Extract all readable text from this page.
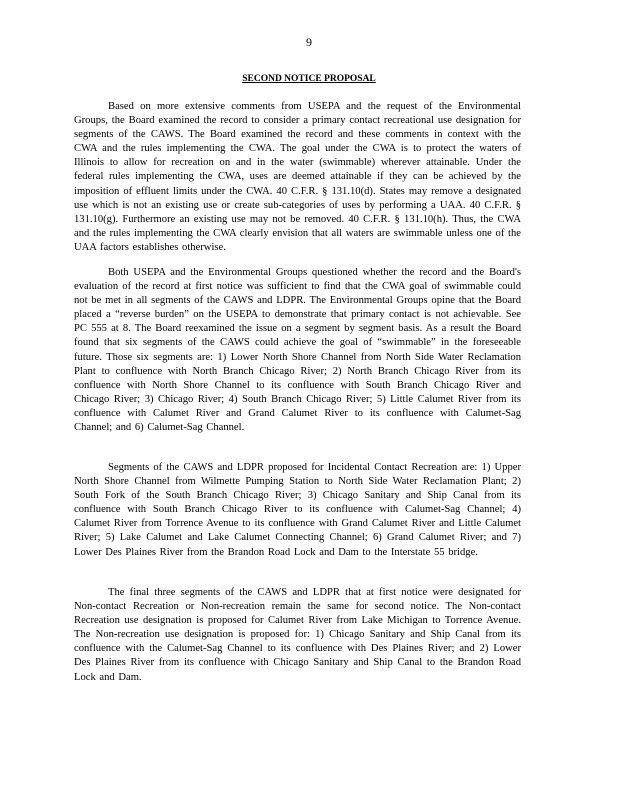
9
SECOND NOTICE PROPOSAL

Based on more extensive comments from USEPA and the request of the Environmental Groups, the Board examined the record to consider a primary contact recreational use designation for segments of the CAWS. The Board examined the record and these comments in context with the CWA and the rules implementing the CWA. The goal under the CWA is to protect the waters of Illinois to allow for recreation on and in the water (swimmable) wherever attainable. Under the federal rules implementing the CWA, uses are deemed attainable if they can be achieved by the imposition of effluent limits under the CWA. 40 C.F.R. § 131.10(d). States may remove a designated use which is not an existing use or create sub-categories of uses by performing a UAA. 40 C.F.R. § 131.10(g). Furthermore an existing use may not be removed. 40 C.F.R. § 131.10(h). Thus, the CWA and the rules implementing the CWA clearly envision that all waters are swimmable unless one of the UAA factors establishes otherwise.

Both USEPA and the Environmental Groups questioned whether the record and the Board's evaluation of the record at first notice was sufficient to find that the CWA goal of swimmable could not be met in all segments of the CAWS and LDPR. The Environmental Groups opine that the Board placed a “reverse burden” on the USEPA to demonstrate that primary contact is not achievable. See PC 555 at 8. The Board reexamined the issue on a segment by segment basis. As a result the Board found that six segments of the CAWS could achieve the goal of “swimmable” in the foreseeable future. Those six segments are: 1) Lower North Shore Channel from North Side Water Reclamation Plant to confluence with North Branch Chicago River; 2) North Branch Chicago River from its confluence with North Shore Channel to its confluence with South Branch Chicago River and Chicago River; 3) Chicago River; 4) South Branch Chicago River; 5) Little Calumet River from its confluence with Calumet River and Grand Calumet River to its confluence with Calumet-Sag Channel; and 6) Calumet-Sag Channel.

Segments of the CAWS and LDPR proposed for Incidental Contact Recreation are: 1) Upper North Shore Channel from Wilmette Pumping Station to North Side Water Reclamation Plant; 2) South Fork of the South Branch Chicago River; 3) Chicago Sanitary and Ship Canal from its confluence with South Branch Chicago River to its confluence with Calumet-Sag Channel; 4) Calumet River from Torrence Avenue to its confluence with Grand Calumet River and Little Calumet River; 5) Lake Calumet and Lake Calumet Connecting Channel; 6) Grand Calumet River; and 7) Lower Des Plaines River from the Brandon Road Lock and Dam to the Interstate 55 bridge.

The final three segments of the CAWS and LDPR that at first notice were designated for Non-contact Recreation or Non-recreation remain the same for second notice. The Non-contact Recreation use designation is proposed for Calumet River from Lake Michigan to Torrence Avenue. The Non-recreation use designation is proposed for: 1) Chicago Sanitary and Ship Canal from its confluence with the Calumet-Sag Channel to its confluence with Des Plaines River; and 2) Lower Des Plaines River from its confluence with Chicago Sanitary and Ship Canal to the Brandon Road Lock and Dam.
